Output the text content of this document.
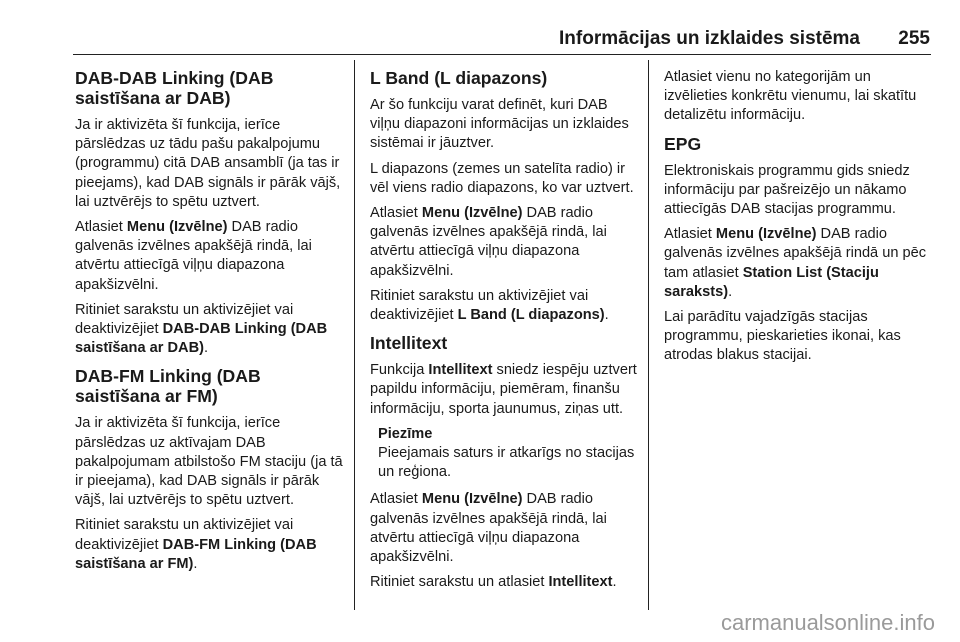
Informācijas un izklaides sistēma	255
DAB-DAB Linking (DAB saistīšana ar DAB)

Ja ir aktivizēta šī funkcija, ierīce pārslēdzas uz tādu pašu pakalpojumu (programmu) citā DAB ansamblī (ja tas ir pieejams), kad DAB signāls ir pārāk vājš, lai uztvērējs to spētu uztvert.

Atlasiet Menu (Izvēlne) DAB radio galvenās izvēlnes apakšējā rindā, lai atvērtu attiecīgā viļņu diapazona apakšizvēlni.

Ritiniet sarakstu un aktivizējiet vai deaktivizējiet DAB-DAB Linking (DAB saistīšana ar DAB).

DAB-FM Linking (DAB saistīšana ar FM)

Ja ir aktivizēta šī funkcija, ierīce pārslēdzas uz aktīvajam DAB pakalpojumam atbilstošo FM staciju (ja tā ir pieejama), kad DAB signāls ir pārāk vājš, lai uztvērējs to spētu uztvert.

Ritiniet sarakstu un aktivizējiet vai deaktivizējiet DAB-FM Linking (DAB saistīšana ar FM).

L Band (L diapazons)

Ar šo funkciju varat definēt, kuri DAB viļņu diapazoni informācijas un izklaides sistēmai ir jāuztver.

L diapazons (zemes un satelīta radio) ir vēl viens radio diapazons, ko var uztvert.

Atlasiet Menu (Izvēlne) DAB radio galvenās izvēlnes apakšējā rindā, lai atvērtu attiecīgā viļņu diapazona apakšizvēlni.

Ritiniet sarakstu un aktivizējiet vai deaktivizējiet L Band (L diapazons).

Intellitext

Funkcija Intellitext sniedz iespēju uztvert papildu informāciju, piemēram, finanšu informāciju, sporta jaunumus, ziņas utt.

Piezīme
Pieejamais saturs ir atkarīgs no stacijas un reģiona.

Atlasiet Menu (Izvēlne) DAB radio galvenās izvēlnes apakšējā rindā, lai atvērtu attiecīgā viļņu diapazona apakšizvēlni.

Ritiniet sarakstu un atlasiet Intellitext.

Atlasiet vienu no kategorijām un izvēlieties konkrētu vienumu, lai skatītu detalizētu informāciju.

EPG

Elektroniskais programmu gids sniedz informāciju par pašreizējo un nākamo attiecīgās DAB stacijas programmu.

Atlasiet Menu (Izvēlne) DAB radio galvenās izvēlnes apakšējā rindā un pēc tam atlasiet Station List (Staciju saraksts).

Lai parādītu vajadzīgās stacijas programmu, pieskarieties ikonai, kas atrodas blakus stacijai.

carmanualsonline.info
